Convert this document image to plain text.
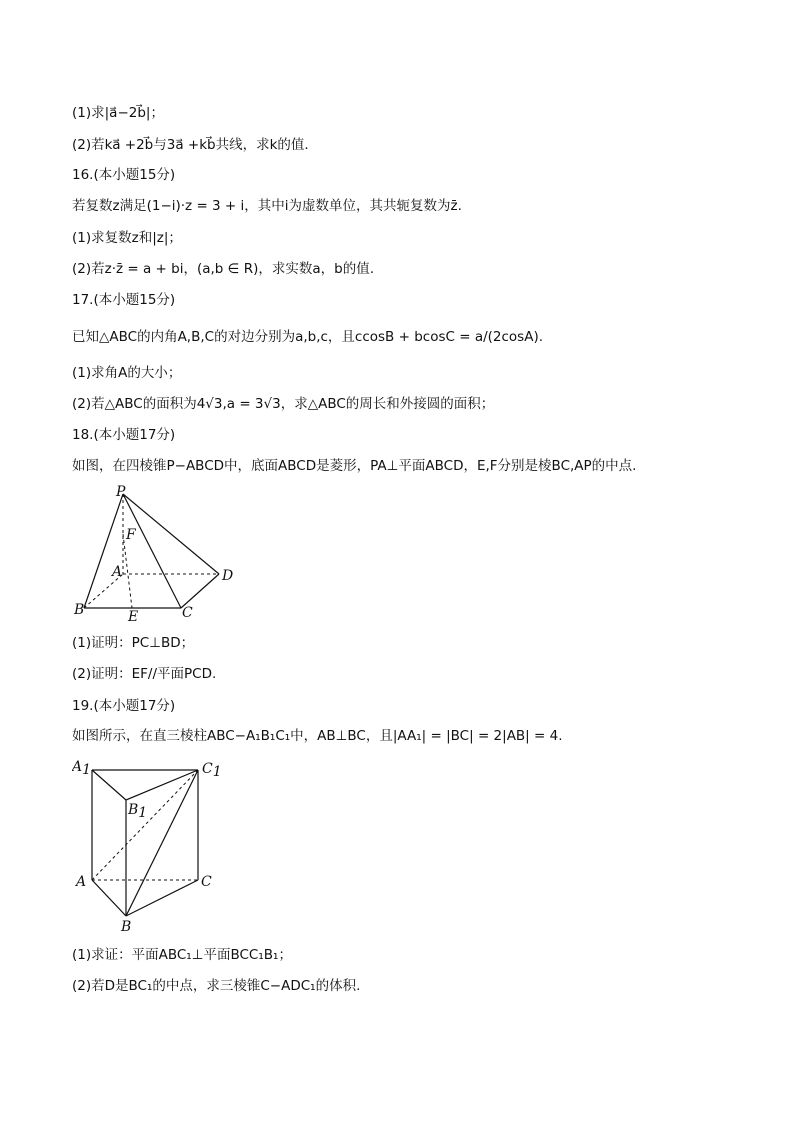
(1)求|a⃗−2b⃗|；
(2)若ka⃗ +2b⃗与3a⃗ +kb⃗共线，求k的值.
16.(本小题15分)
若复数z满足(1−i)·z = 3 + i，其中i为虚数单位，其共轭复数为z̄.
(1)求复数z和|z|；
(2)若z·z̄ = a + bi，(a,b ∈ R)，求实数a，b的值.
17.(本小题15分)
已知△ABC的内角A,B,C的对边分别为a,b,c，且ccosB + bcosC = a/(2cosA).
(1)求角A的大小；
(2)若△ABC的面积为4√3,a = 3√3，求△ABC的周长和外接圆的面积；
18.(本小题17分)
如图，在四棱锥P−ABCD中，底面ABCD是菱形，PA⊥平面ABCD，E,F分别是棱BC,AP的中点.
P
F
A	D
B	E	C
(1)证明：PC⊥BD；
(2)证明：EF//平面PCD.
19.(本小题17分)
如图所示，在直三棱柱ABC−A₁B₁C₁中，AB⊥BC，且|AA₁| = |BC| = 2|AB| = 4.
A1	C1
B1
A	C
B
(1)求证：平面ABC₁⊥平面BCC₁B₁；
(2)若D是BC₁的中点，求三棱锥C−ADC₁的体积.
